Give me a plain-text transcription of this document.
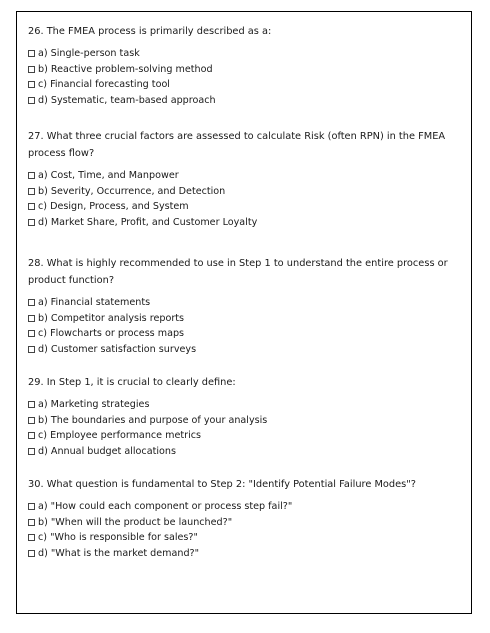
26. The FMEA process is primarily described as a:

a) Single-person task
b) Reactive problem-solving method
c) Financial forecasting tool
d) Systematic, team-based approach

27. What three crucial factors are assessed to calculate Risk (often RPN) in the FMEA process flow?

a) Cost, Time, and Manpower
b) Severity, Occurrence, and Detection
c) Design, Process, and System
d) Market Share, Profit, and Customer Loyalty

28. What is highly recommended to use in Step 1 to understand the entire process or product function?

a) Financial statements
b) Competitor analysis reports
c) Flowcharts or process maps
d) Customer satisfaction surveys

29. In Step 1, it is crucial to clearly define:

a) Marketing strategies
b) The boundaries and purpose of your analysis
c) Employee performance metrics
d) Annual budget allocations

30. What question is fundamental to Step 2: "Identify Potential Failure Modes"?

a) "How could each component or process step fail?"
b) "When will the product be launched?"
c) "Who is responsible for sales?"
d) "What is the market demand?"
